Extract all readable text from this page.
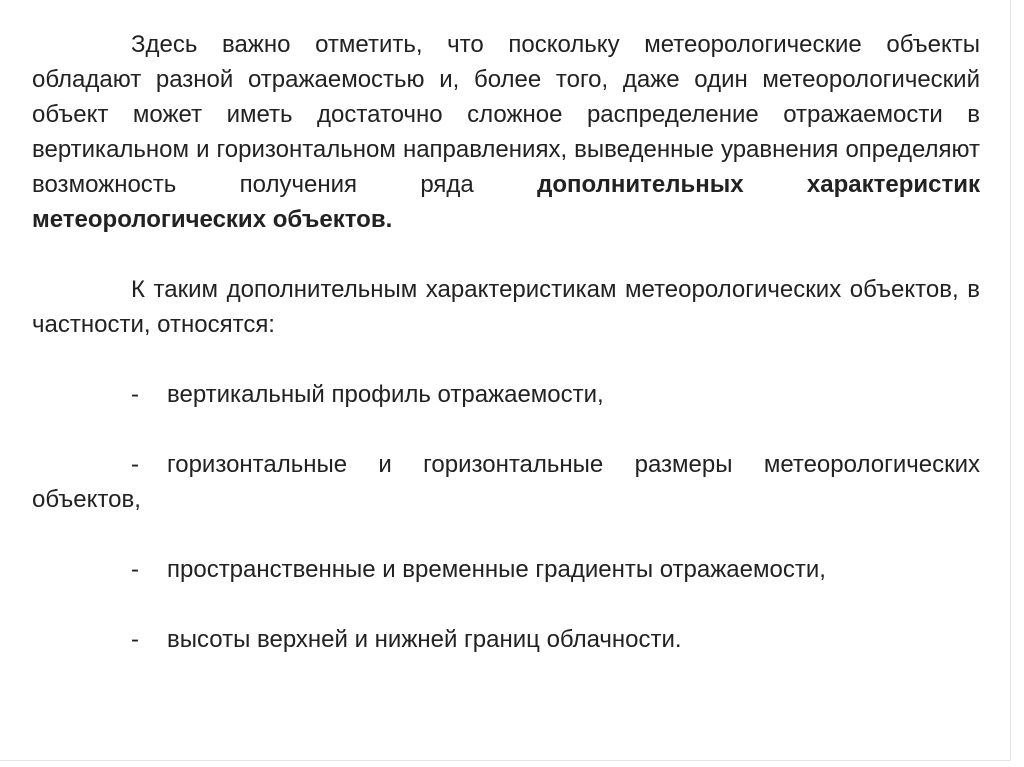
Здесь важно отметить, что поскольку метеорологические объекты обладают разной отражаемостью и, более того, даже один метеорологический объект может иметь достаточно сложное распределение отражаемости в вертикальном и горизонтальном направлениях, выведенные уравнения определяют возможность получения ряда	дополнительных характеристик метеорологических объектов.

К таким дополнительным характеристикам метеорологических объектов, в частности, относятся:

- вертикальный профиль отражаемости,

- горизонтальные и горизонтальные размеры метеорологических объектов,

- пространственные и временные градиенты отражаемости,

- высоты верхней и нижней границ облачности.
